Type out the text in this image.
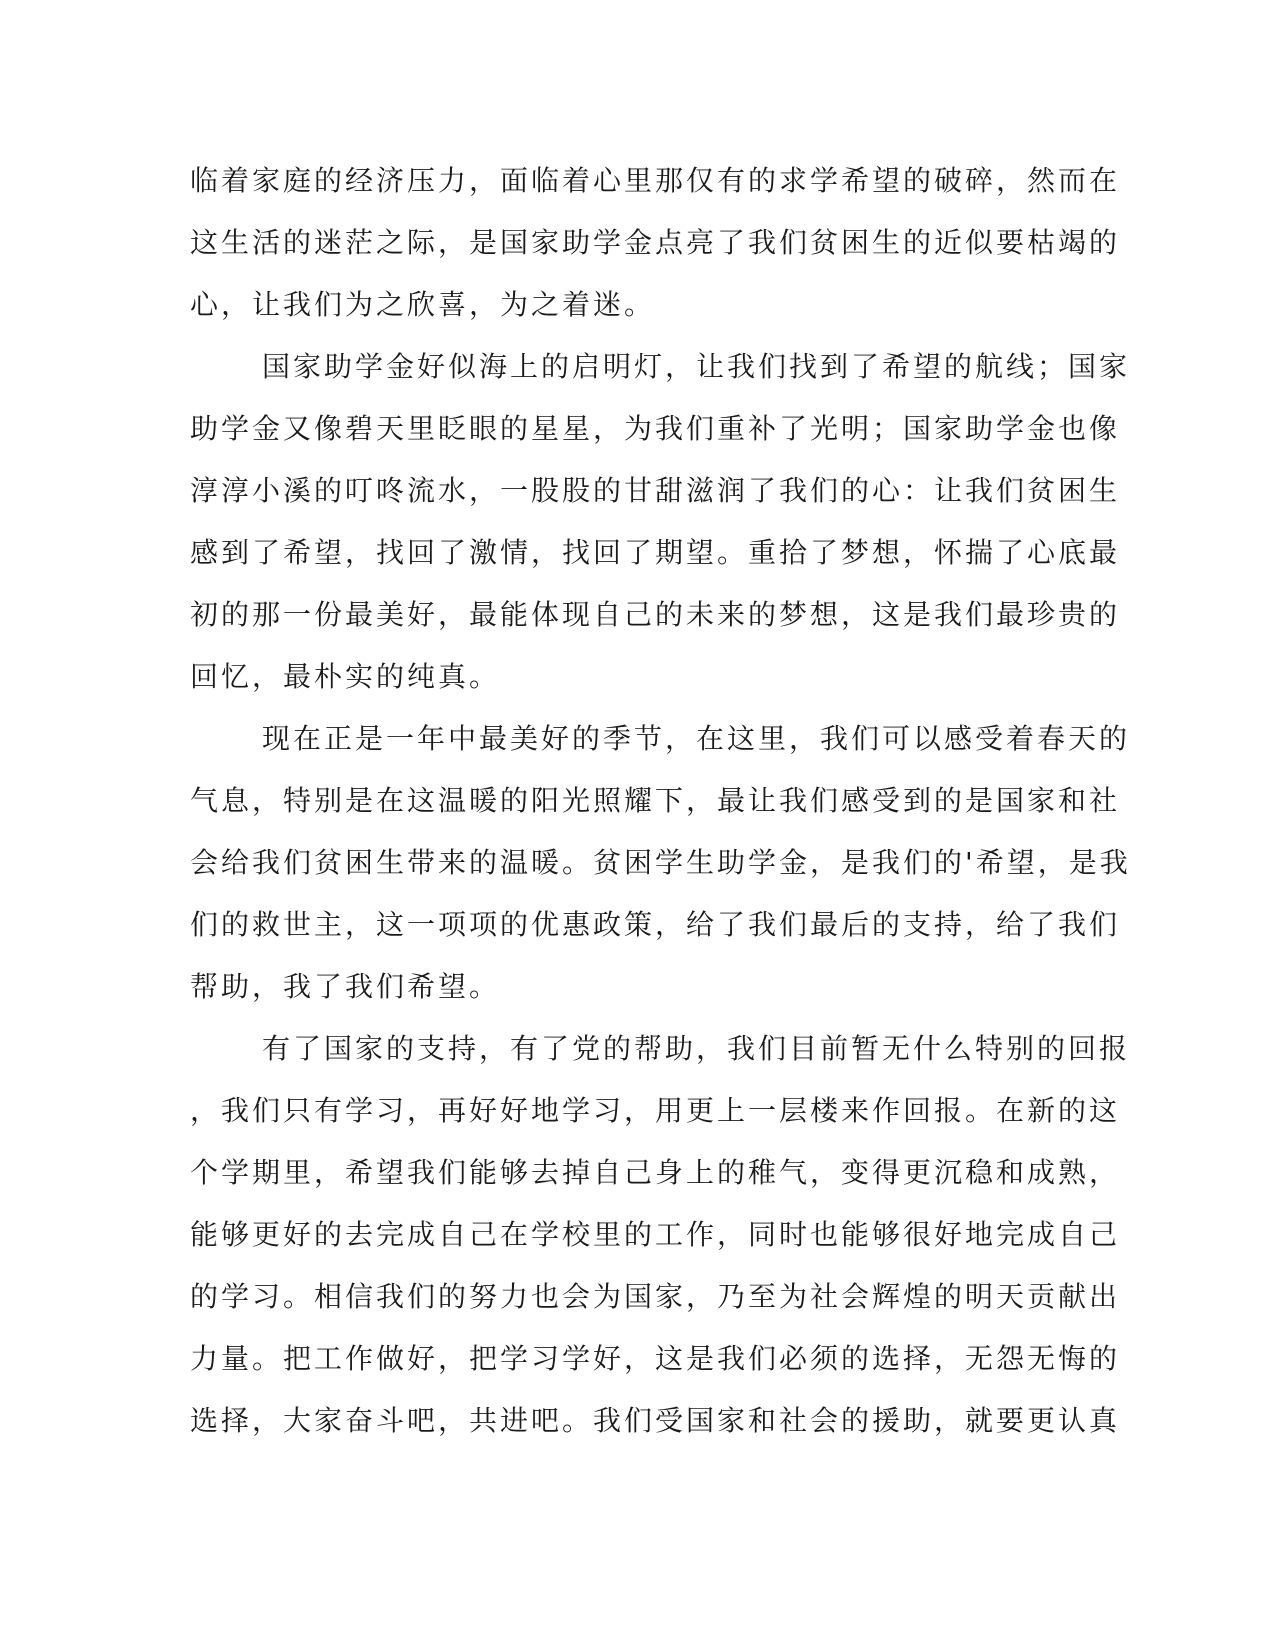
临着家庭的经济压力，面临着心里那仅有的求学希望的破碎，然而在
这生活的迷茫之际，是国家助学金点亮了我们贫困生的近似要枯竭的
心，让我们为之欣喜，为之着迷。
国家助学金好似海上的启明灯，让我们找到了希望的航线；国家
助学金又像碧天里眨眼的星星，为我们重补了光明；国家助学金也像
淳淳小溪的叮咚流水，一股股的甘甜滋润了我们的心：让我们贫困生
感到了希望，找回了激情，找回了期望。重拾了梦想，怀揣了心底最
初的那一份最美好，最能体现自己的未来的梦想，这是我们最珍贵的
回忆，最朴实的纯真。
现在正是一年中最美好的季节，在这里，我们可以感受着春天的
气息，特别是在这温暖的阳光照耀下，最让我们感受到的是国家和社
会给我们贫困生带来的温暖。贫困学生助学金，是我们的'希望，是我
们的救世主，这一项项的优惠政策，给了我们最后的支持，给了我们
帮助，我了我们希望。
有了国家的支持，有了党的帮助，我们目前暂无什么特别的回报
，我们只有学习，再好好地学习，用更上一层楼来作回报。在新的这
个学期里，希望我们能够去掉自己身上的稚气，变得更沉稳和成熟，
能够更好的去完成自己在学校里的工作，同时也能够很好地完成自己
的学习。相信我们的努力也会为国家，乃至为社会辉煌的明天贡献出
力量。把工作做好，把学习学好，这是我们必须的选择，无怨无悔的
选择，大家奋斗吧，共进吧。我们受国家和社会的援助，就要更认真
